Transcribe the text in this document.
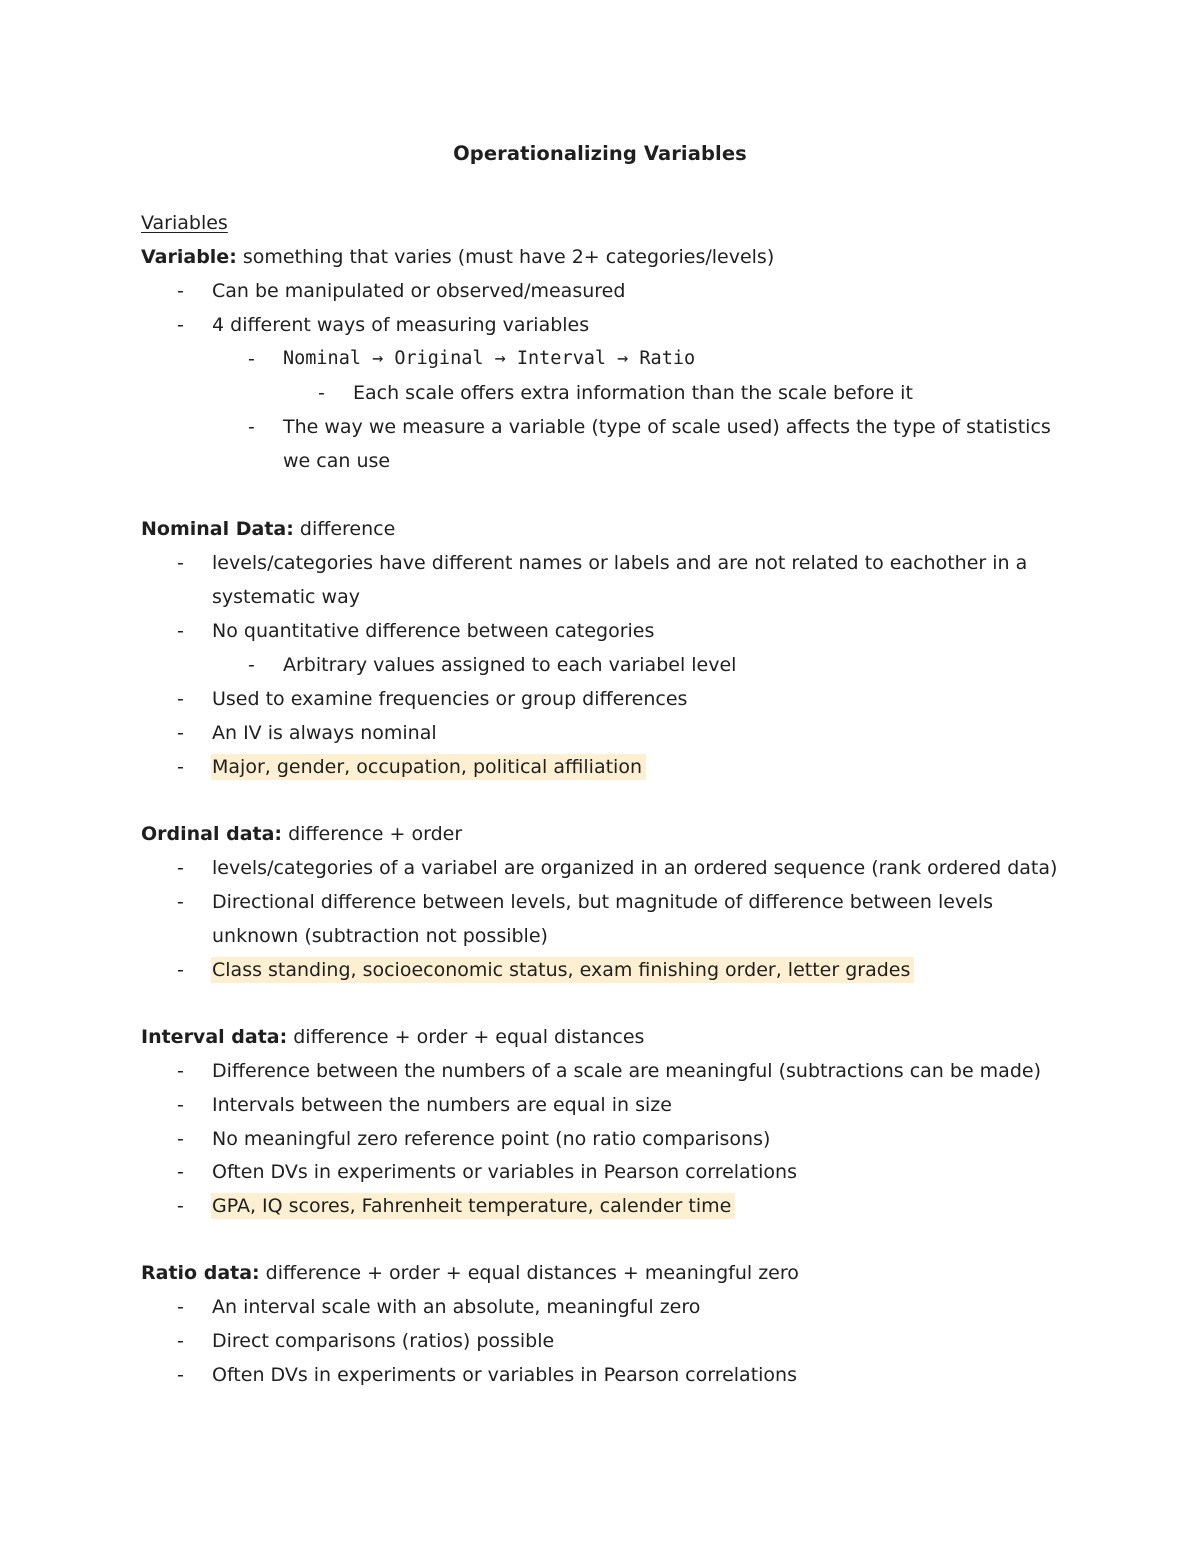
Operationalizing Variables
Variables
Variable: something that varies (must have 2+ categories/levels)
- Can be manipulated or observed/measured
- 4 different ways of measuring variables
- Nominal → Original → Interval → Ratio
- Each scale offers extra information than the scale before it
- The way we measure a variable (type of scale used) affects the type of statistics
we can use
Nominal Data: difference
- levels/categories have different names or labels and are not related to eachother in a
systematic way
- No quantitative difference between categories
- Arbitrary values assigned to each variabel level
- Used to examine frequencies or group differences
- An IV is always nominal
- Major, gender, occupation, political affiliation
Ordinal data: difference + order
- levels/categories of a variabel are organized in an ordered sequence (rank ordered data)
- Directional difference between levels, but magnitude of difference between levels
unknown (subtraction not possible)
- Class standing, socioeconomic status, exam finishing order, letter grades
Interval data: difference + order + equal distances
- Difference between the numbers of a scale are meaningful (subtractions can be made)
- Intervals between the numbers are equal in size
- No meaningful zero reference point (no ratio comparisons)
- Often DVs in experiments or variables in Pearson correlations
- GPA, IQ scores, Fahrenheit temperature, calender time
Ratio data: difference + order + equal distances + meaningful zero
- An interval scale with an absolute, meaningful zero
- Direct comparisons (ratios) possible
- Often DVs in experiments or variables in Pearson correlations
